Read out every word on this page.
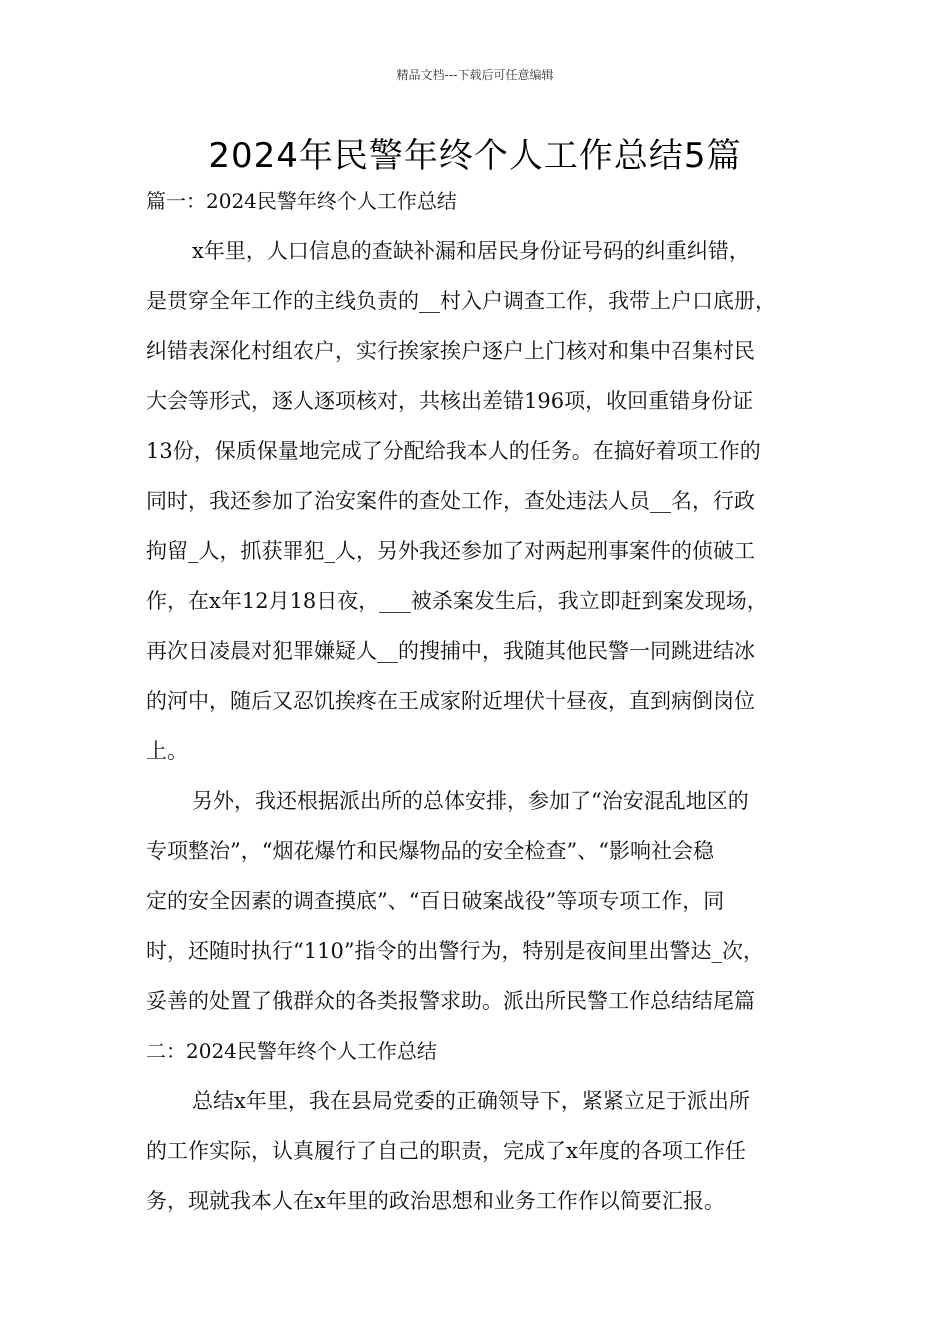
精品文档---下载后可任意编辑
2024年民警年终个人工作总结5篇
篇一：2024民警年终个人工作总结
x年里，人口信息的查缺补漏和居民身份证号码的纠重纠错，
是贯穿全年工作的主线负责的__村入户调查工作，我带上户口底册，
纠错表深化村组农户，实行挨家挨户逐户上门核对和集中召集村民
大会等形式，逐人逐项核对，共核出差错196项，收回重错身份证
13份，保质保量地完成了分配给我本人的任务。在搞好着项工作的
同时，我还参加了治安案件的查处工作，查处违法人员__名，行政
拘留_人，抓获罪犯_人，另外我还参加了对两起刑事案件的侦破工
作，在x年12月18日夜，___被杀案发生后，我立即赶到案发现场，
再次日凌晨对犯罪嫌疑人__的搜捕中，我随其他民警一同跳进结冰
的河中，随后又忍饥挨疼在王成家附近埋伏十昼夜，直到病倒岗位
上。
另外，我还根据派出所的总体安排，参加了“治安混乱地区的
专项整治”，“烟花爆竹和民爆物品的安全检查”、“影响社会稳
定的安全因素的调查摸底”、“百日破案战役”等项专项工作，同
时，还随时执行“110”指令的出警行为，特别是夜间里出警达_次，
妥善的处置了俄群众的各类报警求助。派出所民警工作总结结尾篇
二：2024民警年终个人工作总结
总结x年里，我在县局党委的正确领导下，紧紧立足于派出所
的工作实际，认真履行了自己的职责，完成了x年度的各项工作任
务，现就我本人在x年里的政治思想和业务工作作以简要汇报。
